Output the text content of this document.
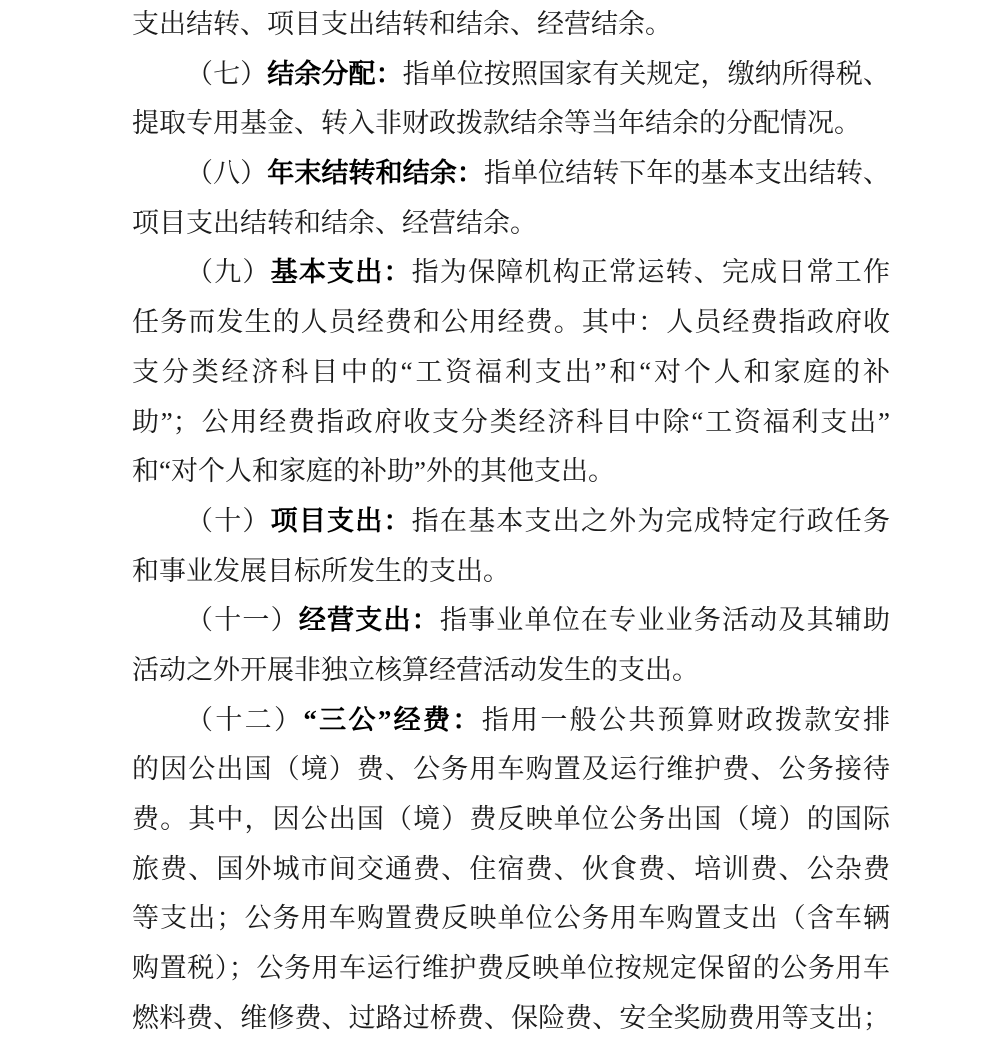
支出结转、项目支出结转和结余、经营结余。
（七）结余分配：指单位按照国家有关规定，缴纳所得税、
提取专用基金、转入非财政拨款结余等当年结余的分配情况。
（八）年末结转和结余：指单位结转下年的基本支出结转、
项目支出结转和结余、经营结余。
（九）基本支出：指为保障机构正常运转、完成日常工作
任务而发生的人员经费和公用经费。其中：人员经费指政府收
支分类经济科目中的“工资福利支出”和“对个人和家庭的补
助”；公用经费指政府收支分类经济科目中除“工资福利支出”
和“对个人和家庭的补助”外的其他支出。
（十）项目支出：指在基本支出之外为完成特定行政任务
和事业发展目标所发生的支出。
（十一）经营支出：指事业单位在专业业务活动及其辅助
活动之外开展非独立核算经营活动发生的支出。
（十二）“三公”经费：指用一般公共预算财政拨款安排
的因公出国（境）费、公务用车购置及运行维护费、公务接待
费。其中，因公出国（境）费反映单位公务出国（境）的国际
旅费、国外城市间交通费、住宿费、伙食费、培训费、公杂费
等支出；公务用车购置费反映单位公务用车购置支出（含车辆
购置税）；公务用车运行维护费反映单位按规定保留的公务用车
燃料费、维修费、过路过桥费、保险费、安全奖励费用等支出；
